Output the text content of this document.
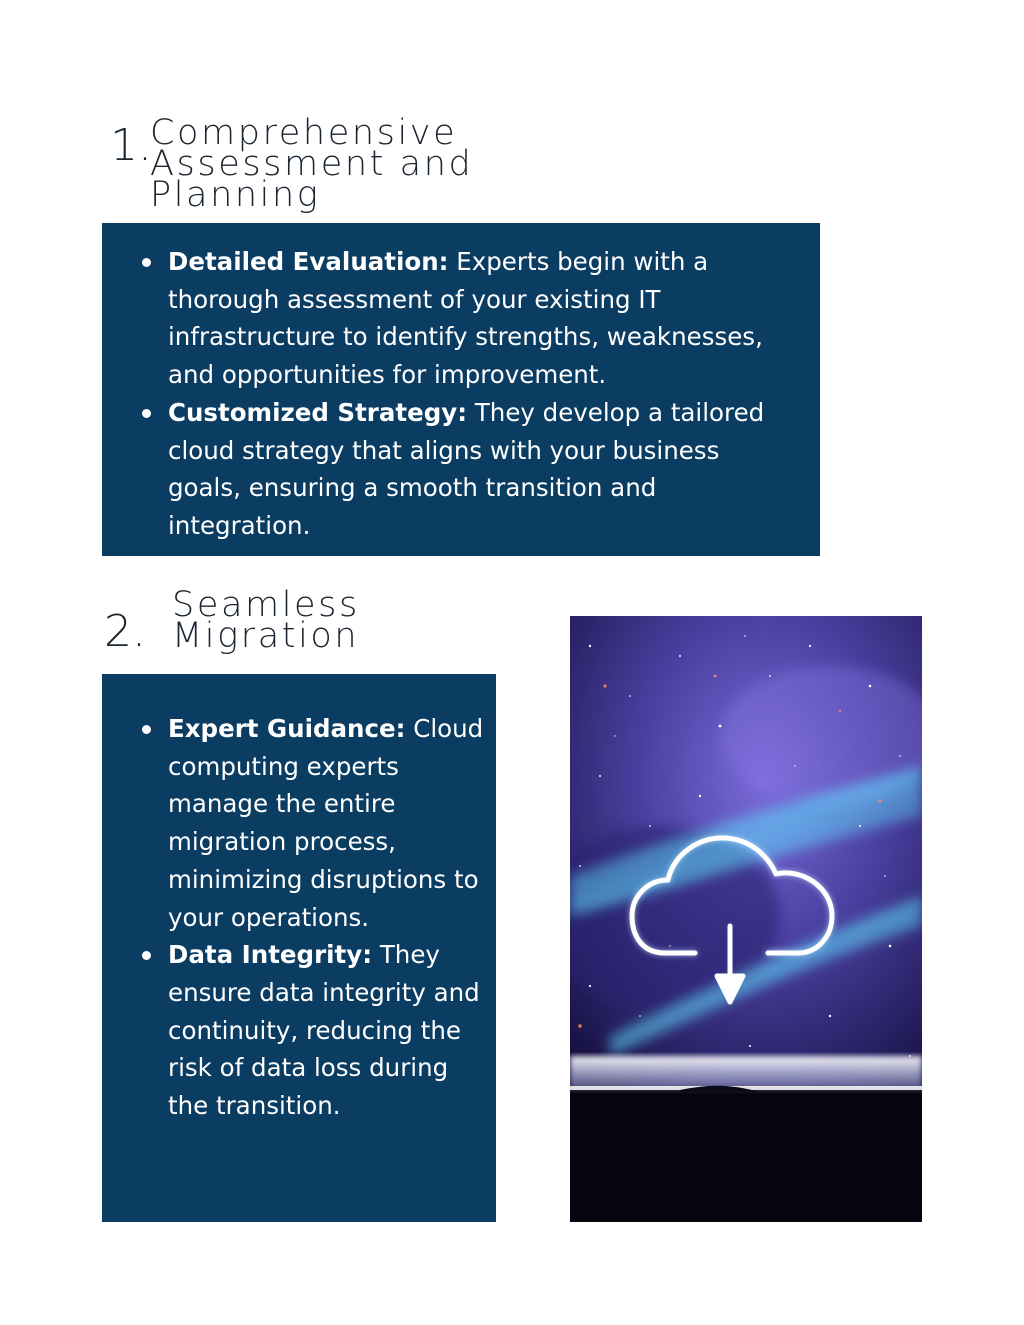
1.
Comprehensive
Assessment and
Planning
Detailed Evaluation: Experts begin with a thorough assessment of your existing IT infrastructure to identify strengths, weaknesses, and opportunities for improvement.
Customized Strategy: They develop a tailored cloud strategy that aligns with your business goals, ensuring a smooth transition and integration.
2.
Seamless
Migration
Expert Guidance: Cloud computing experts manage the entire migration process, minimizing disruptions to your operations.
Data Integrity: They ensure data integrity and continuity, reducing the risk of data loss during the transition.
